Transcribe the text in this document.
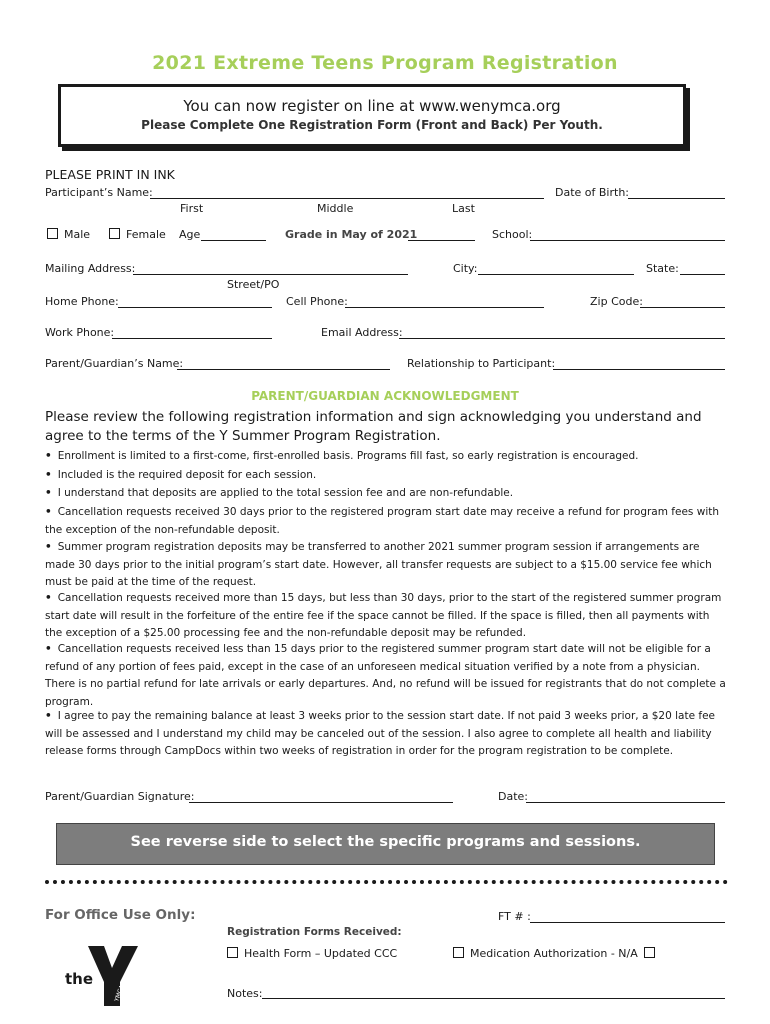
2021 Extreme Teens Program Registration
You can now register on line at www.wenymca.org
Please Complete One Registration Form (Front and Back) Per Youth.
PLEASE PRINT IN INK
Participant’s Name:	Date of Birth:
First	Middle	Last
Male	Female Age	Grade in May of 2021	School:
Mailing Address:	City:	State:
Street/PO
Home Phone:	Cell Phone:	Zip Code:
Work Phone:	Email Address:
Parent/Guardian’s Name:	Relationship to Participant:
PARENT/GUARDIAN ACKNOWLEDGMENT
Please review the following registration information and sign acknowledging you understand and agree to the terms of the Y Summer Program Registration.
• Enrollment is limited to a first-come, first-enrolled basis. Programs fill fast, so early registration is encouraged.
• Included is the required deposit for each session.
• I understand that deposits are applied to the total session fee and are non-refundable.
• Cancellation requests received 30 days prior to the registered program start date may receive a refund for program fees with the exception of the non-refundable deposit.
• Summer program registration deposits may be transferred to another 2021 summer program session if arrangements are made 30 days prior to the initial program’s start date. However, all transfer requests are subject to a $15.00 service fee which must be paid at the time of the request.
• Cancellation requests received more than 15 days, but less than 30 days, prior to the start of the registered summer program start date will result in the forfeiture of the entire fee if the space cannot be filled. If the space is filled, then all payments with the exception of a $25.00 processing fee and the non-refundable deposit may be refunded.
• Cancellation requests received less than 15 days prior to the registered summer program start date will not be eligible for a refund of any portion of fees paid, except in the case of an unforeseen medical situation verified by a note from a physician. There is no partial refund for late arrivals or early departures. And, no refund will be issued for registrants that do not complete a program.
• I agree to pay the remaining balance at least 3 weeks prior to the session start date. If not paid 3 weeks prior, a $20 late fee will be assessed and I understand my child may be canceled out of the session. I also agree to complete all health and liability release forms through CampDocs within two weeks of registration in order for the program registration to be complete.
Parent/Guardian Signature:	Date:
See reverse side to select the specific programs and sessions.
For Office Use Only:	FT # :
Registration Forms Received:
Health Form – Updated CCC	Medication Authorization - N/A
Notes:
YMCA
the
